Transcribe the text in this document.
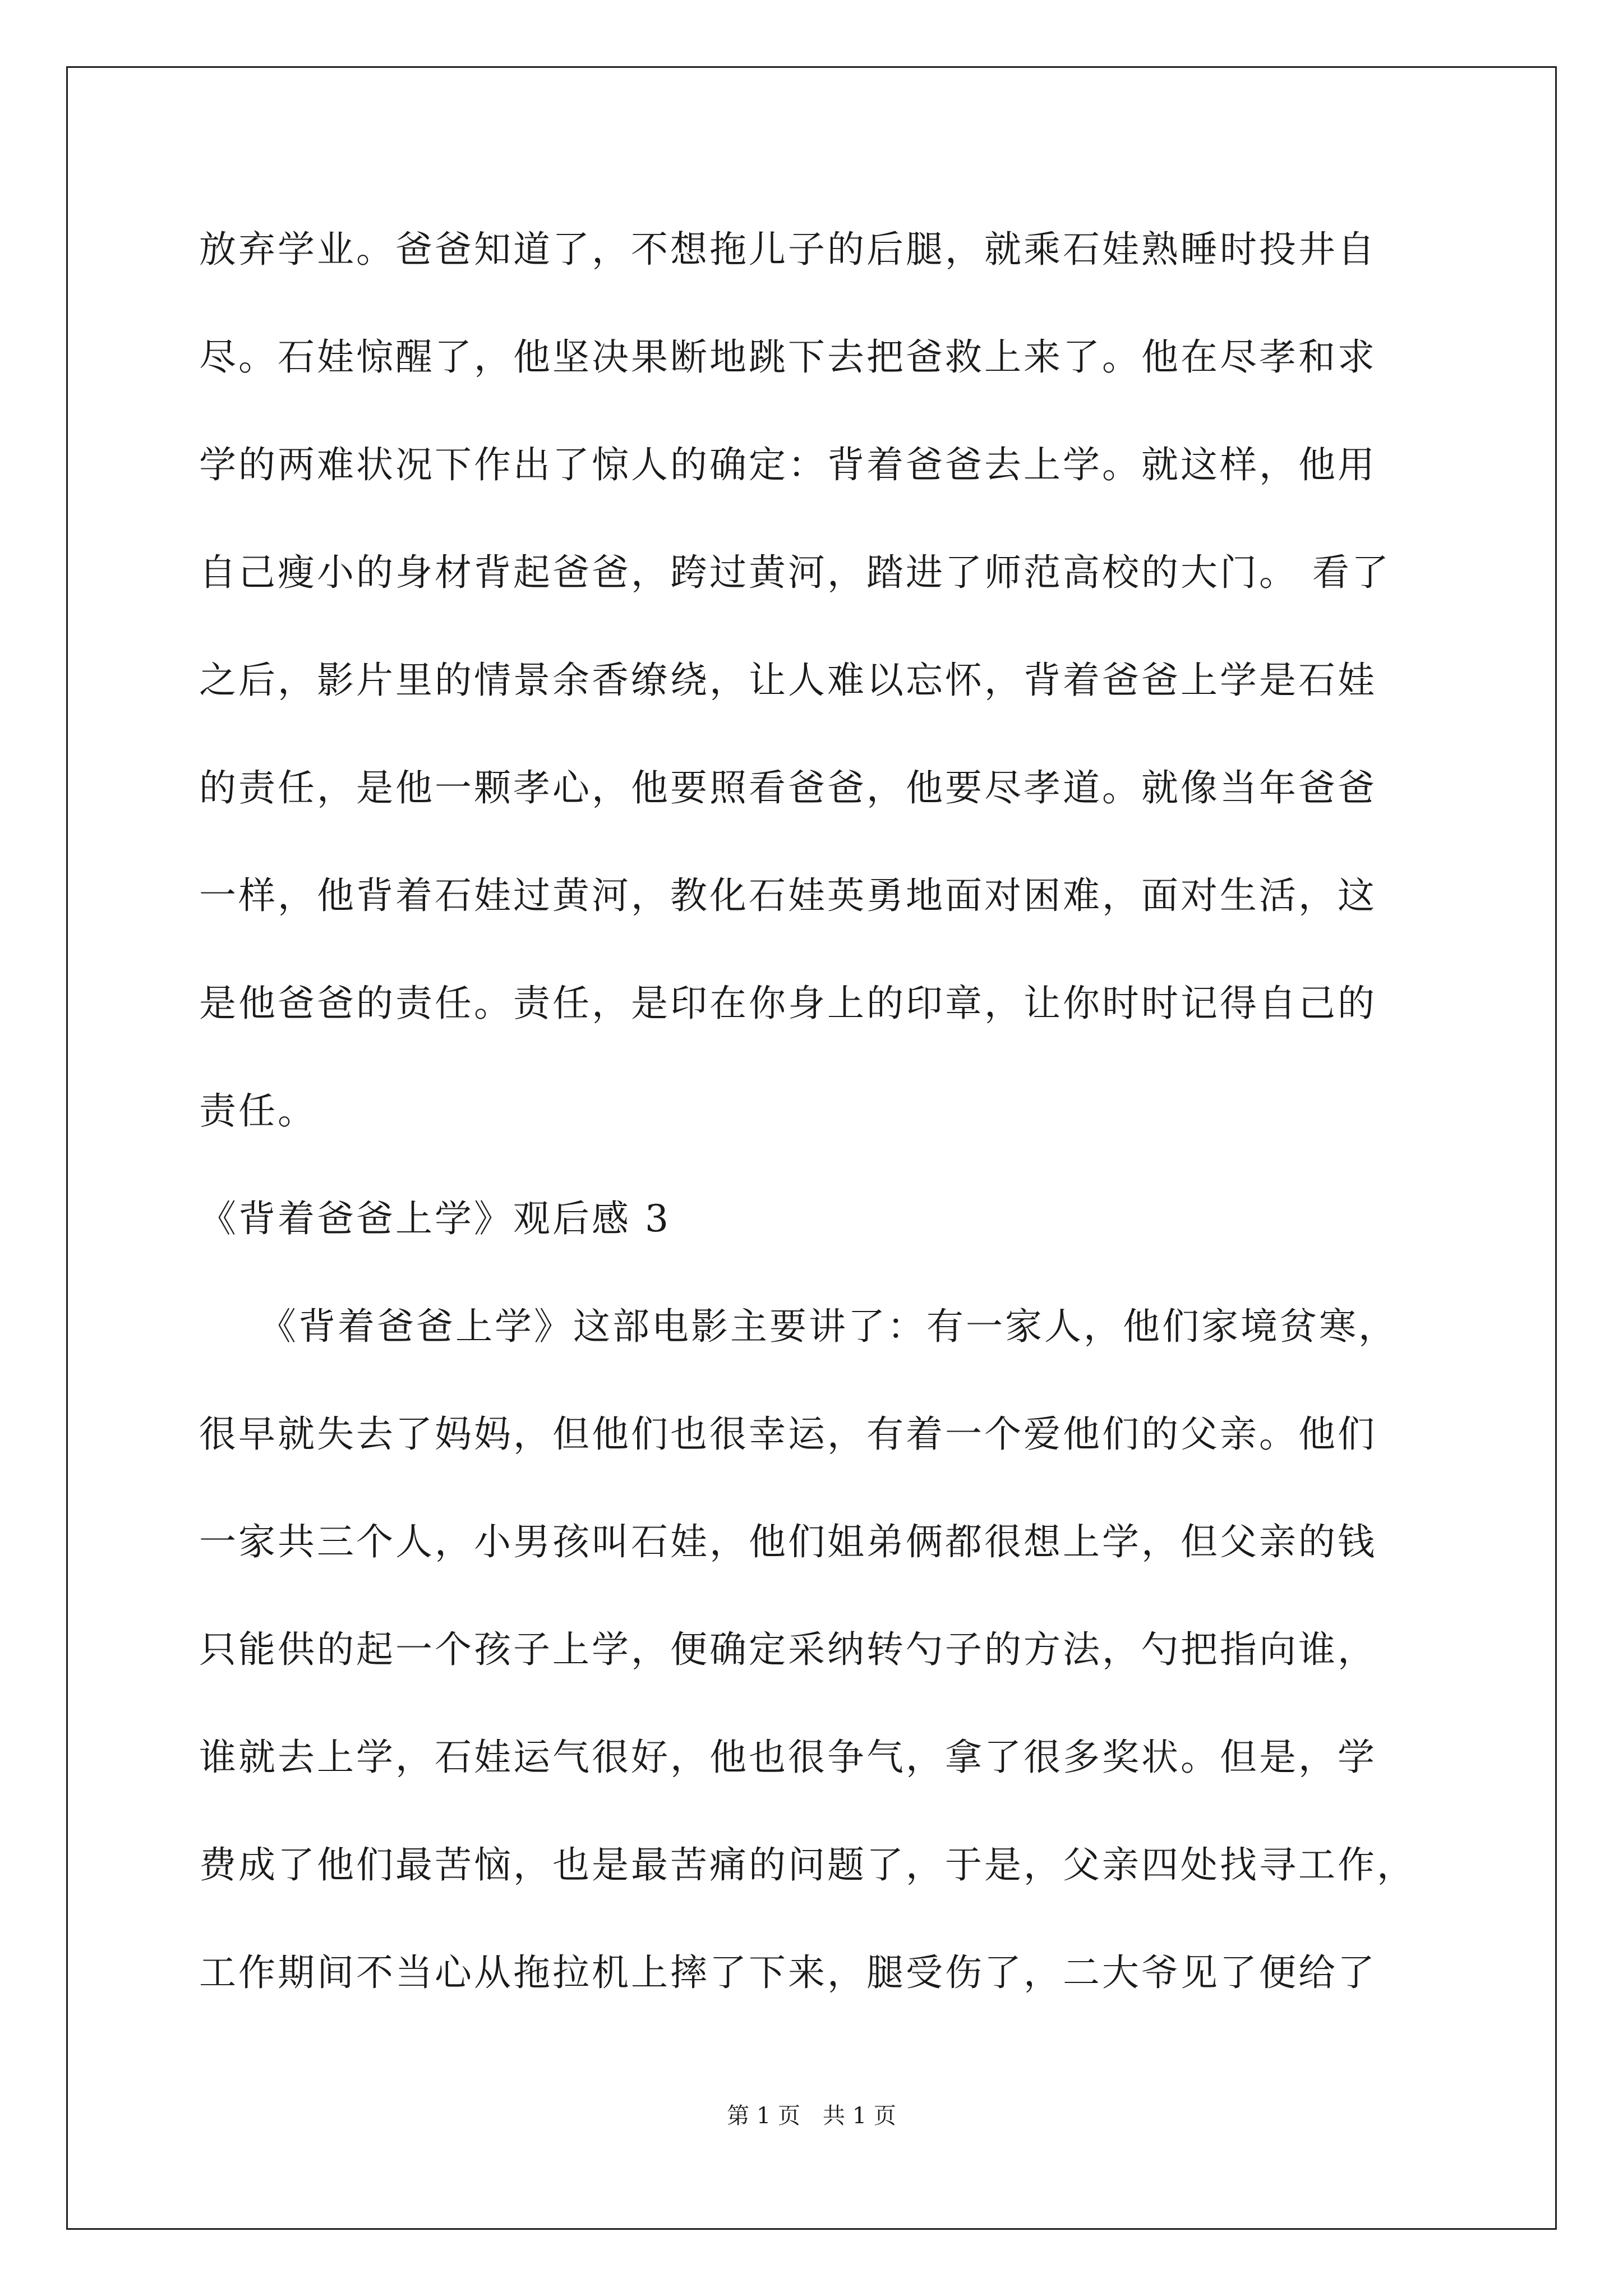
放弃学业。爸爸知道了，不想拖儿子的后腿，就乘石娃熟睡时投井自
尽。石娃惊醒了，他坚决果断地跳下去把爸救上来了。他在尽孝和求
学的两难状况下作出了惊人的确定：背着爸爸去上学。就这样，他用
自己瘦小的身材背起爸爸，跨过黄河，踏进了师范高校的大门。 看了
之后，影片里的情景余香缭绕，让人难以忘怀，背着爸爸上学是石娃
的责任，是他一颗孝心，他要照看爸爸，他要尽孝道。就像当年爸爸
一样，他背着石娃过黄河，教化石娃英勇地面对困难，面对生活，这
是他爸爸的责任。责任，是印在你身上的印章，让你时时记得自己的
责任。
《背着爸爸上学》观后感 3
　　《背着爸爸上学》这部电影主要讲了：有一家人，他们家境贫寒，
很早就失去了妈妈，但他们也很幸运，有着一个爱他们的父亲。他们
一家共三个人，小男孩叫石娃，他们姐弟俩都很想上学，但父亲的钱
只能供的起一个孩子上学，便确定采纳转勺子的方法，勺把指向谁，
谁就去上学，石娃运气很好，他也很争气，拿了很多奖状。但是，学
费成了他们最苦恼，也是最苦痛的问题了，于是，父亲四处找寻工作，
工作期间不当心从拖拉机上摔了下来，腿受伤了，二大爷见了便给了
第 1 页　共 1 页
